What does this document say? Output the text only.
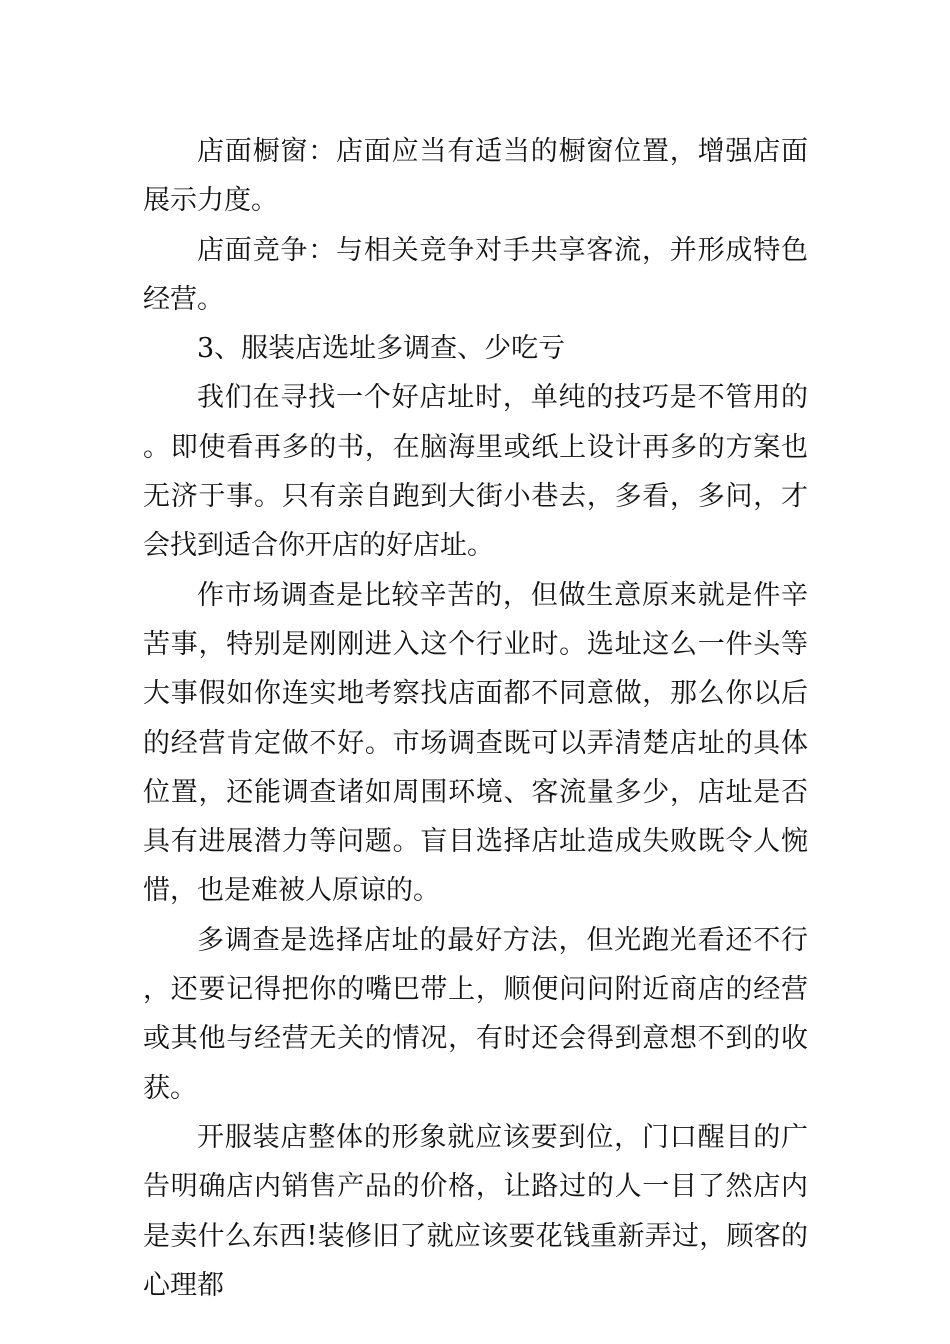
店面橱窗：店面应当有适当的橱窗位置，增强店面展示力度。

店面竞争：与相关竞争对手共享客流，并形成特色经营。

3、服装店选址多调查、少吃亏

我们在寻找一个好店址时，单纯的技巧是不管用的。即使看再多的书，在脑海里或纸上设计再多的方案也无济于事。只有亲自跑到大街小巷去，多看，多问，才会找到适合你开店的好店址。

作市场调查是比较辛苦的，但做生意原来就是件辛苦事，特别是刚刚进入这个行业时。选址这么一件头等大事假如你连实地考察找店面都不同意做，那么你以后的经营肯定做不好。市场调查既可以弄清楚店址的具体位置，还能调查诸如周围环境、客流量多少，店址是否具有进展潜力等问题。盲目选择店址造成失败既令人惋惜，也是难被人原谅的。

多调查是选择店址的最好方法，但光跑光看还不行，还要记得把你的嘴巴带上，顺便问问附近商店的经营或其他与经营无关的情况，有时还会得到意想不到的收获。

开服装店整体的形象就应该要到位，门口醒目的广告明确店内销售产品的价格，让路过的人一目了然店内是卖什么东西!装修旧了就应该要花钱重新弄过，顾客的心理都
